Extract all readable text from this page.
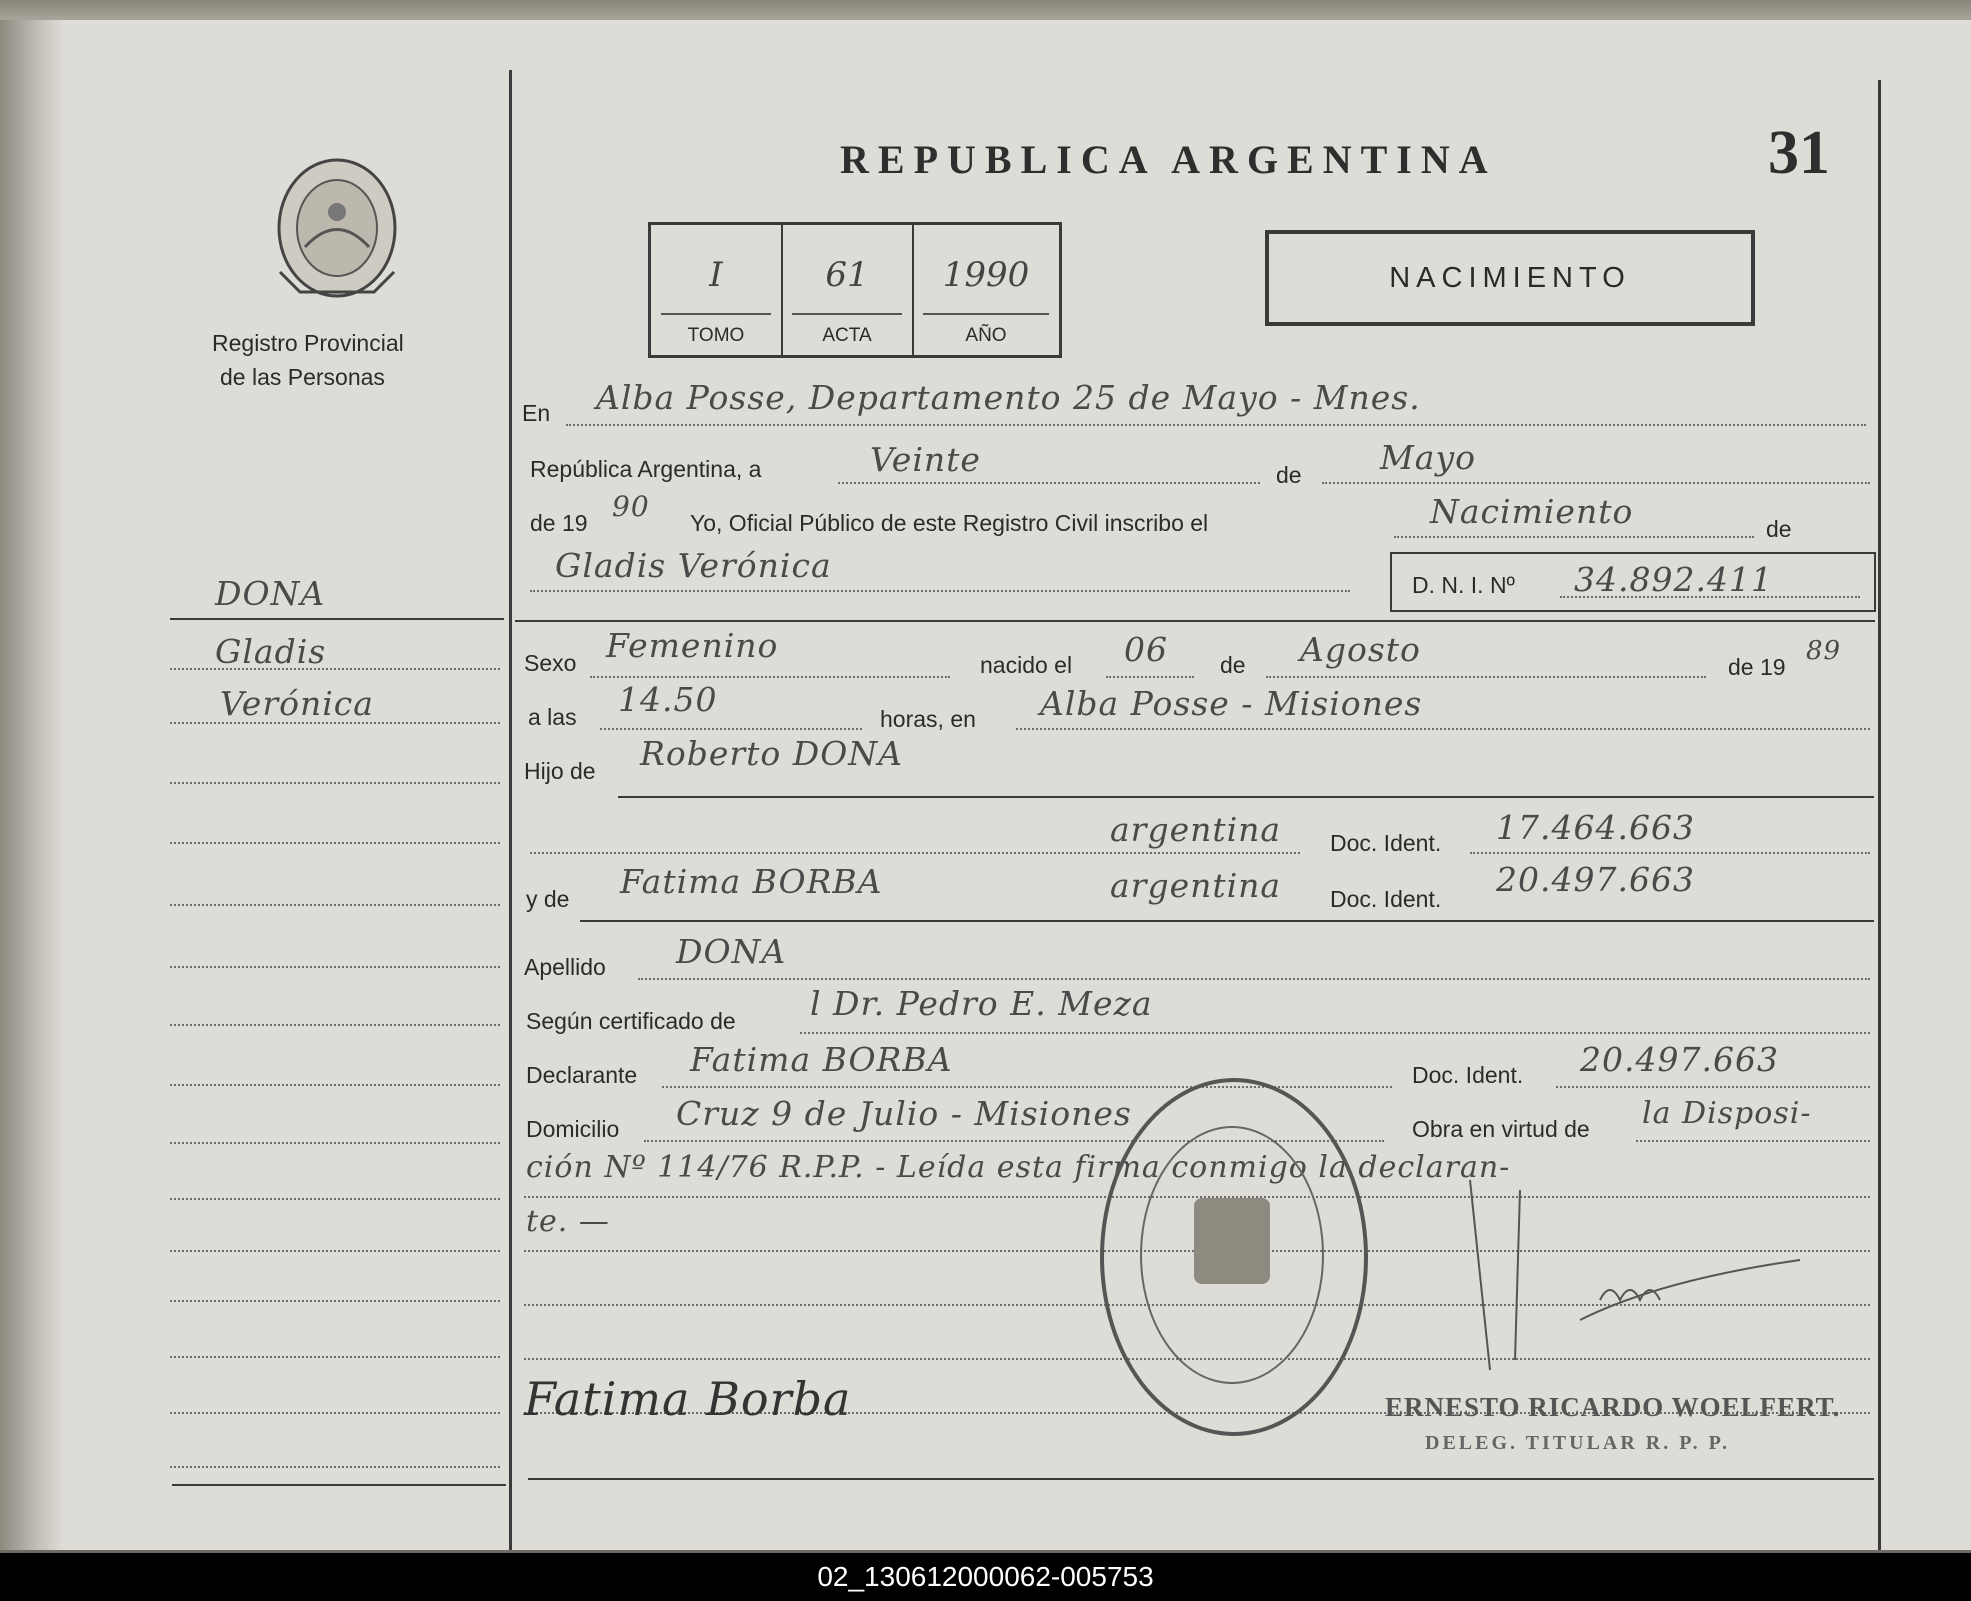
Registro Provincial
de las Personas
REPUBLICA ARGENTINA	31
I
TOMO
61
ACTA
1990
AÑO
NACIMIENTO
En Alba Posse, Departamento 25 de Mayo - Mnes.
República Argentina, a	Veinte	de Mayo
de 19 90 Yo, Oficial Público de este Registro Civil inscribo el	Nacimiento	de
Gladis Verónica	D. N. I. Nº 34.892.411
DONA
Gladis
Verónica
Sexo Femenino	nacido el 06 de Agosto	de 19
89
a las 14.50	horas, en Alba Posse - Misiones
Hijo de Roberto DONA
argentina Doc. Ident. 17.464.663
y de Fatima BORBA	argentina Doc. Ident. 20.497.663
Apellido DONA
Según certificado de l Dr. Pedro E. Meza
Declarante Fatima BORBA	Doc. Ident. 20.497.663
Domicilio Cruz 9 de Julio - Misiones	Obra en virtud de la Disposi-
ción Nº 114/76 R.P.P. - Leída esta firma conmigo la declaran-
te. —
Fatima Borba	ERNESTO RICARDO WOELFERT.
DELEG. TITULAR R. P. P.
02_130612000062-005753
